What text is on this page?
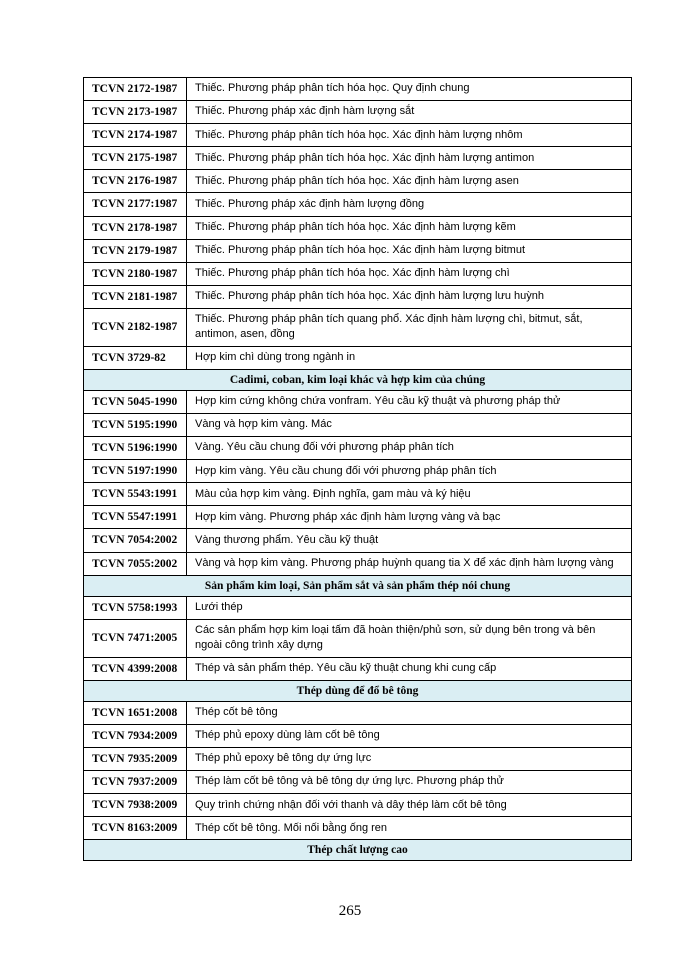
TCVN 2172-1987	Thiếc. Phương pháp phân tích hóa học. Quy định chung
TCVN 2173-1987	Thiếc. Phương pháp xác định hàm lượng sắt
TCVN 2174-1987	Thiếc. Phương pháp phân tích hóa học. Xác định hàm lượng nhôm
TCVN 2175-1987	Thiếc. Phương pháp phân tích hóa học. Xác định hàm lượng antimon
TCVN 2176-1987	Thiếc. Phương pháp phân tích hóa học. Xác định hàm lượng asen
TCVN 2177:1987	Thiếc. Phương pháp xác định hàm lượng đồng
TCVN 2178-1987	Thiếc. Phương pháp phân tích hóa học. Xác định hàm lượng kẽm
TCVN 2179-1987	Thiếc. Phương pháp phân tích hóa học. Xác định hàm lượng bitmut
TCVN 2180-1987	Thiếc. Phương pháp phân tích hóa học. Xác định hàm lượng chì
TCVN 2181-1987	Thiếc. Phương pháp phân tích hóa học. Xác định hàm lượng lưu huỳnh
TCVN 2182-1987	Thiếc. Phương pháp phân tích quang phổ. Xác định hàm lượng chì, bitmut, sắt, antimon, asen, đồng
TCVN 3729-82	Hợp kim chì dùng trong ngành in
Cadimi, coban, kim loại khác và hợp kim của chúng	
TCVN 5045-1990	Hợp kim cứng không chứa vonfram. Yêu cầu kỹ thuật và phương pháp thử
TCVN 5195:1990	Vàng và hợp kim vàng. Mác
TCVN 5196:1990	Vàng. Yêu cầu chung đối với phương pháp phân tích
TCVN 5197:1990	Hợp kim vàng. Yêu cầu chung đối với phương pháp phân tích
TCVN 5543:1991	Màu của hợp kim vàng. Định nghĩa, gam màu và ký hiệu
TCVN 5547:1991	Hợp kim vàng. Phương pháp xác định hàm lượng vàng và bạc
TCVN 7054:2002	Vàng thương phẩm. Yêu cầu kỹ thuật
TCVN 7055:2002	Vàng và hợp kim vàng. Phương pháp huỳnh quang tia X để xác định hàm lượng vàng
Sản phẩm kim loại, Sản phẩm sắt và sản phẩm thép nói chung	
TCVN 5758:1993	Lưới thép
TCVN 7471:2005	Các sản phẩm hợp kim loại tấm đã hoàn thiện/phủ sơn, sử dụng bên trong và bên ngoài công trình xây dựng
TCVN 4399:2008	Thép và sản phẩm thép. Yêu cầu kỹ thuật chung khi cung cấp
Thép dùng để đổ bê tông	
TCVN 1651:2008	Thép cốt bê tông
TCVN 7934:2009	Thép phủ epoxy dùng làm cốt bê tông
TCVN 7935:2009	Thép phủ epoxy bê tông dự ứng lực
TCVN 7937:2009	Thép làm cốt bê tông và bê tông dự ứng lực. Phương pháp thử
TCVN 7938:2009	Quy trình chứng nhận đối với thanh và dây thép làm cốt bê tông
TCVN 8163:2009	Thép cốt bê tông. Mối nối bằng ống ren
Thép chất lượng cao	
265
